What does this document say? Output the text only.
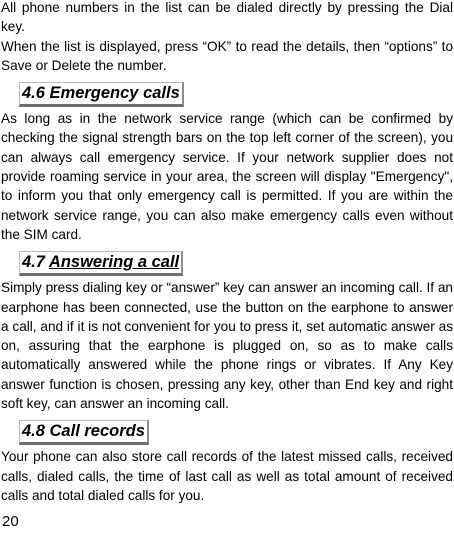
All phone numbers in the list can be dialed directly by pressing the Dial key.

When the list is displayed, press “OK” to read the details, then “options” to Save or Delete the number.

4.6 Emergency calls

As long as in the network service range (which can be confirmed by checking the signal strength bars on the top left corner of the screen), you can always call emergency service. If your network supplier does not provide roaming service in your area, the screen will display "Emergency", to inform you that only emergency call is permitted. If you are within the network service range, you can also make emergency calls even without the SIM card.

4.7 Answering a call

Simply press dialing key or “answer” key can answer an incoming call. If an earphone has been connected, use the button on the earphone to answer a call, and if it is not convenient for you to press it, set automatic answer as on, assuring that the earphone is plugged on, so as to make calls automatically answered while the phone rings or vibrates. If Any Key answer function is chosen, pressing any key, other than End key and right soft key, can answer an incoming call.

4.8 Call records

Your phone can also store call records of the latest missed calls, received calls, dialed calls, the time of last call as well as total amount of received calls and total dialed calls for you.

20
